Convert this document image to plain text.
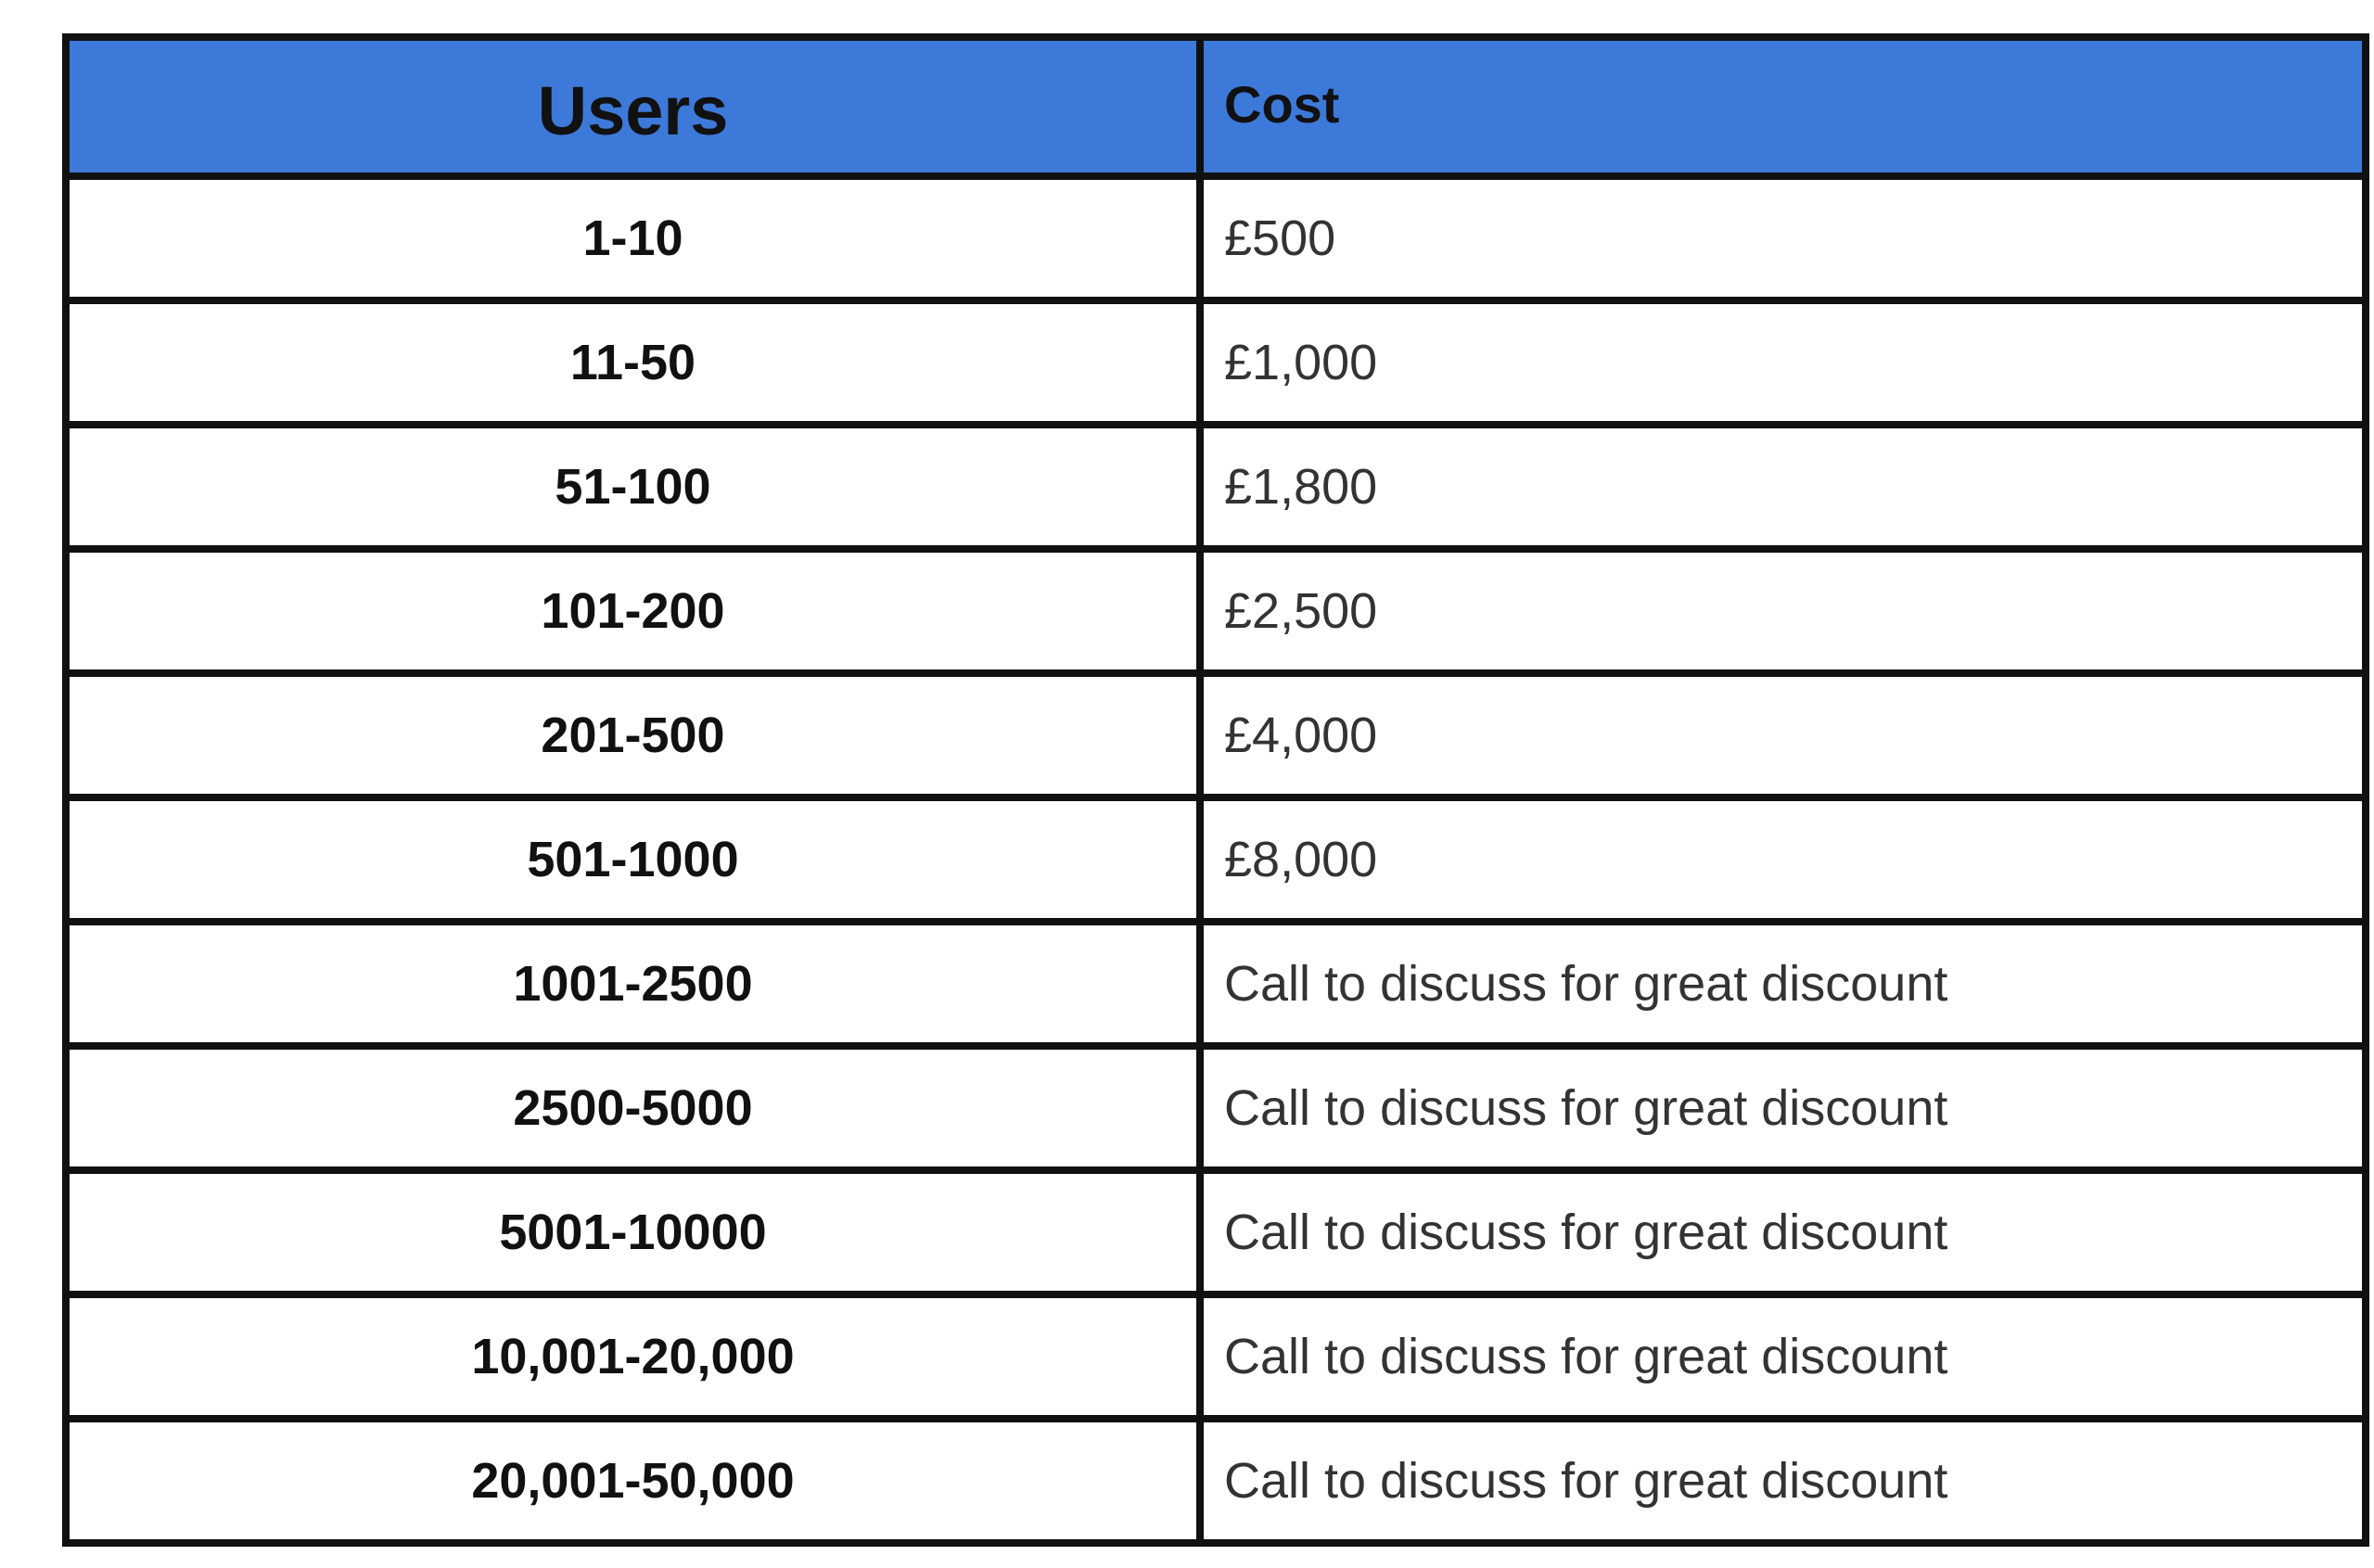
Users	Cost
1-10	£500
11-50	£1,000
51-100	£1,800
101-200	£2,500
201-500	£4,000
501-1000	£8,000
1001-2500	Call to discuss for great discount
2500-5000	Call to discuss for great discount
5001-10000	Call to discuss for great discount
10,001-20,000	Call to discuss for great discount
20,001-50,000	Call to discuss for great discount
